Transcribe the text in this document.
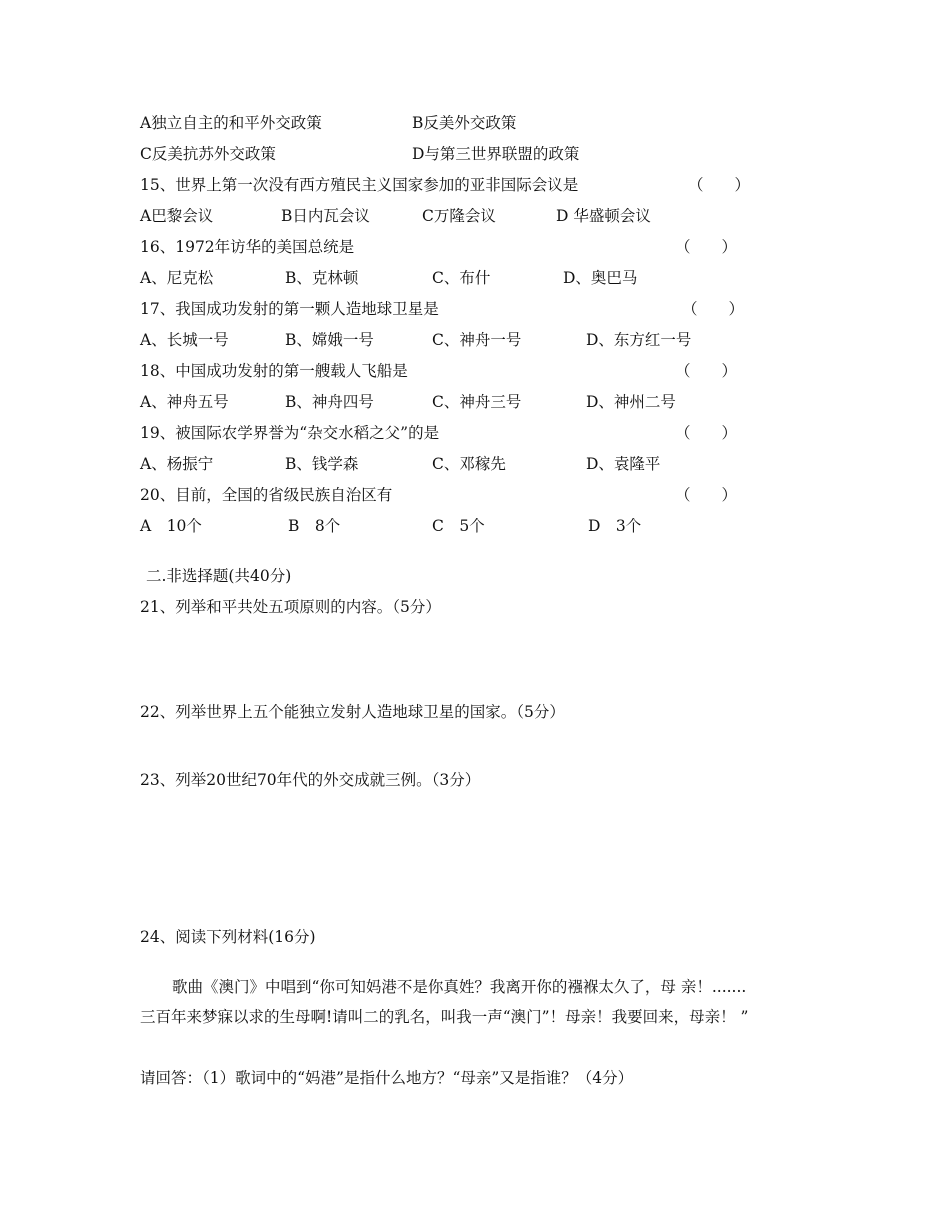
A独立自主的和平外交政策	B反美外交政策
C反美抗苏外交政策	D与第三世界联盟的政策
15、世界上第一次没有西方殖民主义国家参加的亚非国际会议是	（　　）
A巴黎会议	B日内瓦会议	C万隆会议	D 华盛顿会议
16、1972年访华的美国总统是	（　　）
A、尼克松	B、克林顿	C、布什	D、奥巴马
17、我国成功发射的第一颗人造地球卫星是	（　　）
A、长城一号	B、嫦娥一号	C、神舟一号	D、东方红一号
18、中国成功发射的第一艘载人飞船是	（　　）
A、神舟五号	B、神舟四号	C、神舟三号	D、神州二号
19、被国际农学界誉为“杂交水稻之父”的是	（　　）
A、杨振宁	B、钱学森	C、邓稼先	D、袁隆平
20、目前，全国的省级民族自治区有	（　　）
A　10个	B　8个	C　5个	D　3个
二.非选择题(共40分)
21、列举和平共处五项原则的内容。（5分）
22、列举世界上五个能独立发射人造地球卫星的国家。（5分）
23、列举20世纪70年代的外交成就三例。（3分）
24、阅读下列材料(16分)
歌曲《澳门》中唱到“你可知妈港不是你真姓？我离开你的襁褓太久了，母 亲！.......
三百年来梦寐以求的生母啊!请叫二的乳名，叫我一声“澳门”！母亲！我要回来，母亲！ ”
请回答：（1）歌词中的“妈港”是指什么地方？“母亲”又是指谁？（4分）
